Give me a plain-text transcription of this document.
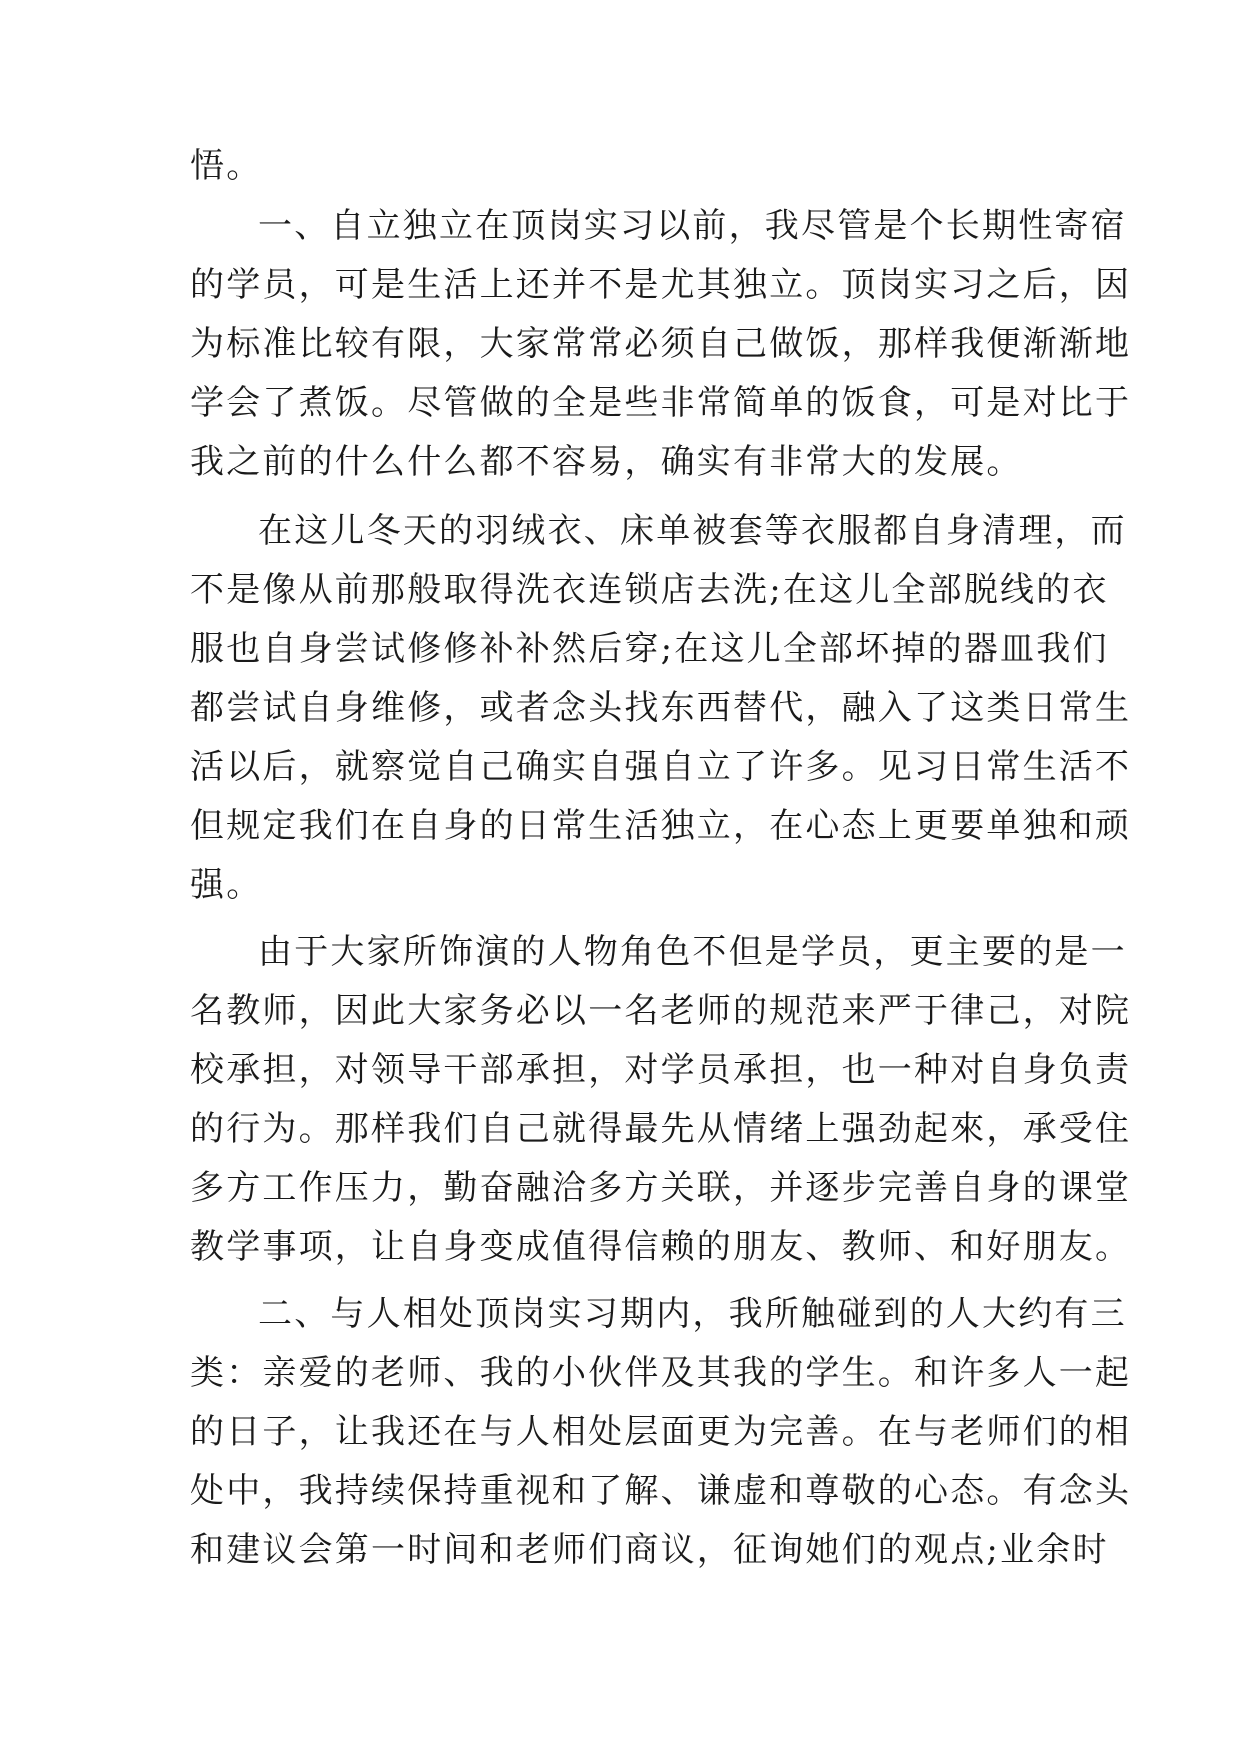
悟。
一、自立独立在顶岗实习以前，我尽管是个长期性寄宿
的学员，可是生活上还并不是尤其独立。顶岗实习之后，因
为标准比较有限，大家常常必须自己做饭，那样我便渐渐地
学会了煮饭。尽管做的全是些非常简单的饭食，可是对比于
我之前的什么什么都不容易，确实有非常大的发展。
在这儿冬天的羽绒衣、床单被套等衣服都自身清理，而
不是像从前那般取得洗衣连锁店去洗;在这儿全部脱线的衣
服也自身尝试修修补补然后穿;在这儿全部坏掉的器皿我们
都尝试自身维修，或者念头找东西替代，融入了这类日常生
活以后，就察觉自己确实自强自立了许多。见习日常生活不
但规定我们在自身的日常生活独立，在心态上更要单独和顽
强。
由于大家所饰演的人物角色不但是学员，更主要的是一
名教师，因此大家务必以一名老师的规范来严于律己，对院
校承担，对领导干部承担，对学员承担，也一种对自身负责
的行为。那样我们自己就得最先从情绪上强劲起來，承受住
多方工作压力，勤奋融洽多方关联，并逐步完善自身的课堂
教学事项，让自身变成值得信赖的朋友、教师、和好朋友。
二、与人相处顶岗实习期内，我所触碰到的人大约有三
类：亲爱的老师、我的小伙伴及其我的学生。和许多人一起
的日子，让我还在与人相处层面更为完善。在与老师们的相
处中，我持续保持重视和了解、谦虚和尊敬的心态。有念头
和建议会第一时间和老师们商议，征询她们的观点;业余时
